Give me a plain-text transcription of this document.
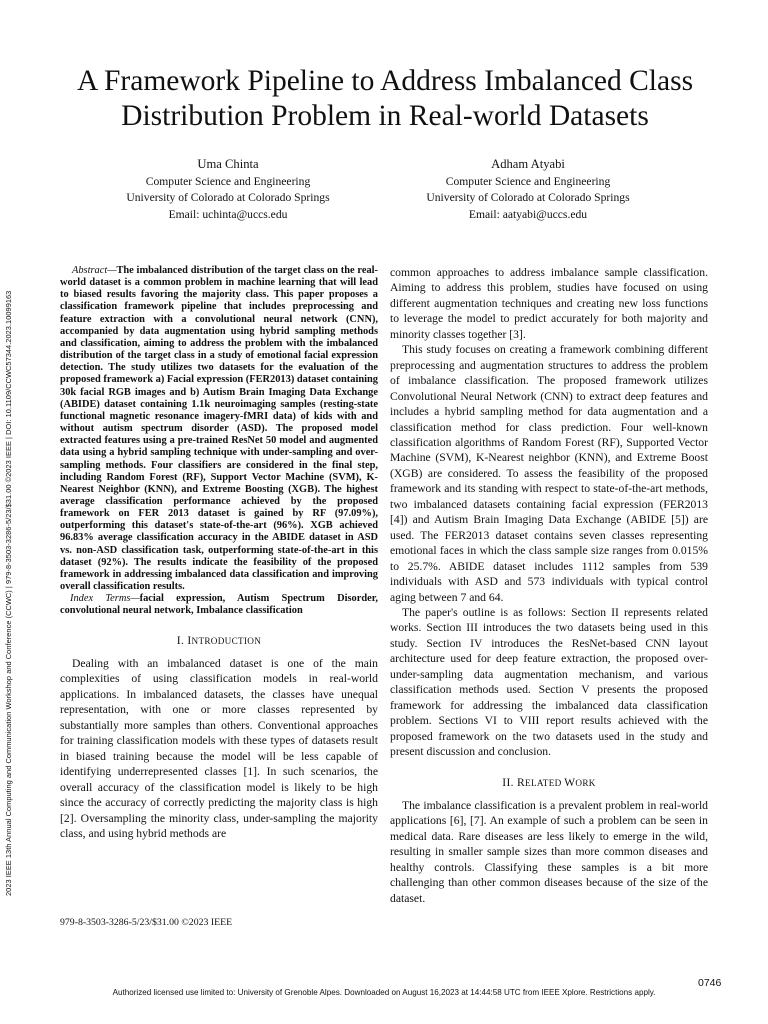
2023 IEEE 13th Annual Computing and Communication Workshop and Conference (CCWC) | 979-8-3503-3286-5/23/$31.00 ©2023 IEEE | DOI: 10.1109/CCWC57344.2023.10099163
A Framework Pipeline to Address Imbalanced Class Distribution Problem in Real-world Datasets
Uma Chinta
Computer Science and Engineering
University of Colorado at Colorado Springs
Email: uchinta@uccs.edu
Adham Atyabi
Computer Science and Engineering
University of Colorado at Colorado Springs
Email: aatyabi@uccs.edu

Abstract—The imbalanced distribution of the target class on the real-world dataset is a common problem in machine learning that will lead to biased results favoring the majority class. This paper proposes a classification framework pipeline that includes preprocessing and feature extraction with a convolutional neural network (CNN), accompanied by data augmentation using hybrid sampling methods and classification, aiming to address the problem with the imbalanced distribution of the target class in a study of emotional facial expression detection. The study utilizes two datasets for the evaluation of the proposed framework a) Facial expression (FER2013) dataset containing 30k facial RGB images and b) Autism Brain Imaging Data Exchange (ABIDE) dataset containing 1.1k neuroimaging samples (resting-state functional magnetic resonance imagery-fMRI data) of kids with and without autism spectrum disorder (ASD). The proposed model extracted features using a pre-trained ResNet 50 model and augmented data using a hybrid sampling technique with under-sampling and over-sampling methods. Four classifiers are considered in the final step, including Random Forest (RF), Support Vector Machine (SVM), K-Nearest Neighbor (KNN), and Extreme Boosting (XGB). The highest average classification performance achieved by the proposed framework on FER 2013 dataset is gained by RF (97.09%), outperforming this dataset's state-of-the-art (96%). XGB achieved 96.83% average classification accuracy in the ABIDE dataset in ASD vs. non-ASD classification task, outperforming state-of-the-art in this dataset (92%). The results indicate the feasibility of the proposed framework in addressing imbalanced data classification and improving overall classification results.

Index Terms—facial expression, Autism Spectrum Disorder, convolutional neural network, Imbalance classification

I. INTRODUCTION

Dealing with an imbalanced dataset is one of the main complexities of using classification models in real-world applications. In imbalanced datasets, the classes have unequal representation, with one or more classes represented by substantially more samples than others. Conventional approaches for training classification models with these types of datasets result in biased training because the model will be less capable of identifying underrepresented classes [1]. In such scenarios, the overall accuracy of the classification model is likely to be high since the accuracy of correctly predicting the majority class is high [2]. Oversampling the minority class, under-sampling the majority class, and using hybrid methods are

common approaches to address imbalance sample classification. Aiming to address this problem, studies have focused on using different augmentation techniques and creating new loss functions to leverage the model to predict accurately for both majority and minority classes together [3].

This study focuses on creating a framework combining different preprocessing and augmentation structures to address the problem of imbalance classification. The proposed framework utilizes Convolutional Neural Network (CNN) to extract deep features and includes a hybrid sampling method for data augmentation and a classification method for class prediction. Four well-known classification algorithms of Random Forest (RF), Supported Vector Machine (SVM), K-Nearest neighbor (KNN), and Extreme Boost (XGB) are considered. To assess the feasibility of the proposed framework and its standing with respect to state-of-the-art methods, two imbalanced datasets containing facial expression (FER2013 [4]) and Autism Brain Imaging Data Exchange (ABIDE [5]) are used. The FER2013 dataset contains seven classes representing emotional faces in which the class sample size ranges from 0.015% to 25.7%. ABIDE dataset includes 1112 samples from 539 individuals with ASD and 573 individuals with typical control aging between 7 and 64.

The paper's outline is as follows: Section II represents related works. Section III introduces the two datasets being used in this study. Section IV introduces the ResNet-based CNN layout architecture used for deep feature extraction, the proposed over-under-sampling data augmentation mechanism, and various classification methods used. Section V presents the proposed framework for addressing the imbalanced data classification problem. Sections VI to VIII report results achieved with the proposed framework on the two datasets used in the study and present discussion and conclusion.

II. RELATED WORK

The imbalance classification is a prevalent problem in real-world applications [6], [7]. An example of such a problem can be seen in medical data. Rare diseases are less likely to emerge in the wild, resulting in smaller sample sizes than more common diseases and healthy controls. Classifying these samples is a bit more challenging than other common diseases because of the size of the dataset.

979-8-3503-3286-5/23/$31.00 ©2023 IEEE
0746
Authorized licensed use limited to: University of Grenoble Alpes. Downloaded on August 16,2023 at 14:44:58 UTC from IEEE Xplore. Restrictions apply.
